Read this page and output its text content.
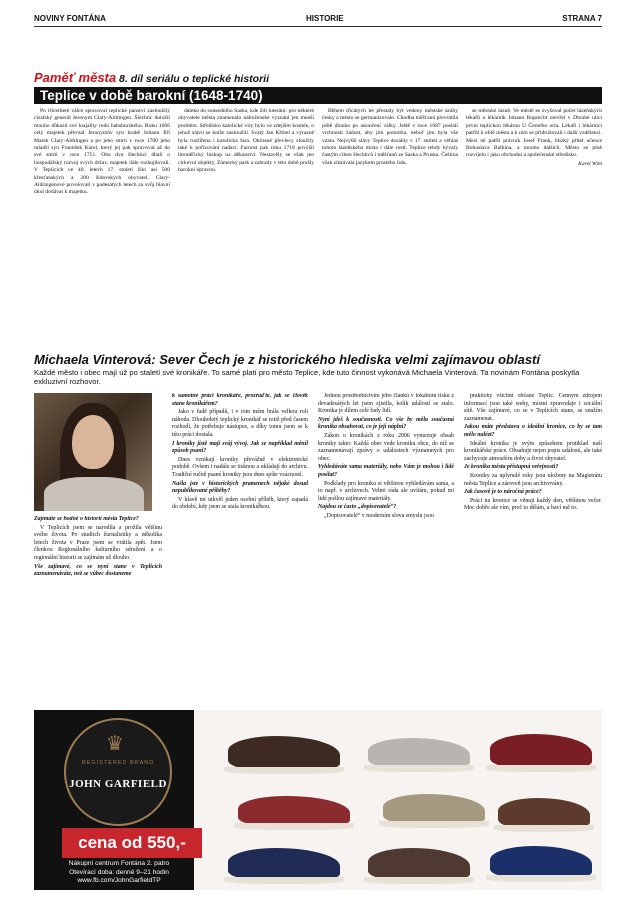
NOVINY FONTÁNA	HISTORIE	STRANA 7
Paměť města 8. díl seriálu o teplické historii
Teplice v době barokní (1648-1740)

Po třicetileté válce spravoval teplické panství zasloužilý císařský generál Jeronym Clary-Aldringen. Šlechtic doložil mnoho důkazů své loajality rodu habsburského. Roku 1666 celý majetek převzal Jeronymův syn hrabě Johann Jiří Marek Clary-Aldringen a po jeho smrti v roce 1700 jeho mladší syn František Karel, který jej pak spravoval až do své smrti v roce 1751. Oba dva šlechtici dbali o hospodářský rozvoj svých držav, majetek dále rozhojňovali. V Teplicích ve 40. letech 17. století žilo asi 500 křesťanských a 200 židovských obyvatel. Clary-Aldringenové povolovali v padesátých letech za svůj hlavní úkol dodávat k majetku.

daleko do sousedního Saska, kde žili luteráni: pro některé obyvatele města znamenalo náboženské vyznání jen menší problém. Středisko katolické víry bylo ve zdejším kostele, o jehož slávu se kníže zasloužili. Svatý Jan Křtitel a výrazně byla rozšířena i katolická fara. Občasné převlecy sloužily také k pořizování nadací. Farnost pak roku 1718 povýšil litoměřický biskup na děkanství. Nestavěly se však jen církevní objekty, Zámecký park a zahrady v této době prošly barokní úpravou.

Během třicátých let přestaly být vedeny městské knihy česky a město se germanizovalo. Chodba měšťanů převrátila ještě dlouho po ukončení války. Ještě v roce 1687 poslali vrchnosti žádost, aby jim pomohla, neboť jim byla vše vzata. Nejvyšší slávy Teplice dosáhly v 17. století a věhlas tohoto lázeňského místa i dále rostl. Teplice tehdy bývaly častým cílem šlechticů i měšťanů ze Saska a Pruska. Čeština však zůstávala jazykem prostého lidu.

se městské lázně. Ve městě se zvyšoval počet lázeňských lékařů a lékárník Johann Ruprecht otevřel v Dlouhé ulici první teplickou lékárnu U Černého orla. Lékaři i lékárníci patřili k elitě města a k nim se přidružovali i další vzdělanci. Mezi ně patřil právník Josef Frank, blízký přítel učence Bohuslava Balbína, a mnoho dalších. Město se plně rozvíjelo i jako obchodní a společenské středisko.

Karel Wim
Michaela Vinterová: Sever Čech je z historického hlediska velmi zajímavou oblastí
Každé město i obec mají už po staletí své kronikáře. To samé platí pro město Teplice, kde tuto činnost vykonává Michaela Vinterová. Ta novinám Fontána poskytla exkluzivní rozhovor.

Zajímáte se hodně o historii města Teplice?

V Teplicích jsem se narodila a prožila většinu svého života. Po studiích žurnalistiky a několika letech života v Praze jsem se vrátila zpět. Jsem členkou Regionálního kulturního sdružení a o regionální historii se zajímám už dlouho.

Vše zajímavé, co se nyní stane v Teplicích zaznamenáváte, než se vůbec dostaneme

k samotné práci kronikáře, prozraďte, jak se člověk stane kronikářem?

Jako v řadě případů, i v tom mém hrála velkou roli náhoda. Dlouholetý teplický kronikář se totiž před časem rozhodl, že potřebuje nástupce, a díky tomu jsem se k této práci dostala.

I kroniky jistě mají svůj vývoj. Jak se například měnil způsob psaní?

Dnes vznikají kroniky převážně v elektronické podobě. Ovšem i nadále se tisknou a ukládají do archivu. Tradiční ručně psané kroniky jsou dnes spíše vzácností.

Našla jste v historických pramenech nějaké dosud nepublikované příběhy?

V hlavě mi utkvěl jeden osobní příběh, který zapadá do období, kdy jsem se stala kronikářkou.

Jednou prostřednictvím jeho článků v lokálním tisku z devadesátých let jsem zjistila, kolik událostí se stalo. Kronika je dílem celé řady lidí.

Nyní jdeš k současnosti. Co vše by měla současná kronika obsahovat, co je její náplní?

Zákon o kronikách z roku 2006 vymezuje obsah kroniky takto: Každá obec vede kroniku obce, do níž se zaznamenávají zprávy o událostech významných pro obec.

Vyhledáváte sama materiály, nebo Vám je mohou i lidé posílat?

Podklady pro kroniku si většinou vyhledávám sama, a to např. v archivech. Velmi ráda ale uvítám, pokud mi lidé pošlou zajímavé materiály.

Najdou se často „dopisovatelé“?

„Dopisovatelé“ v moderním slova smyslu jsou

prakticky všichni občané Teplic. Cenným zdrojem informací jsou také weby, místní zpravodaje i sociální sítě. Vše zajímavé, co se v Teplicích stane, se snažím zaznamenat.

Jakou máte představu o ideální kronice, co by se tam mělo nalézt?

Ideální kronika je svým způsobem protiklad naší kronikářské práce. Obsahuje nejen popis událostí, ale také zachycuje atmosféru doby a život obyvatel.

Je kronika města přístupná veřejnosti?

Kroniky za uplynulé roky jsou uloženy na Magistrátu města Teplice a zároveň jsou archivovány.

Jak časově je to náročná práce?

Práci na kronice se věnuji každý den, většinou večer. Moc dobře ale vím, proč to dělám, a baví mě to.

♛
REGISTERED BRAND
JOHN GARFIELD
cena od 550,-
Nákupní centrum Fontána 2. patro
Otevírací doba: denně 9–21 hodin
www.fb.com/JohnGarfieldTP
